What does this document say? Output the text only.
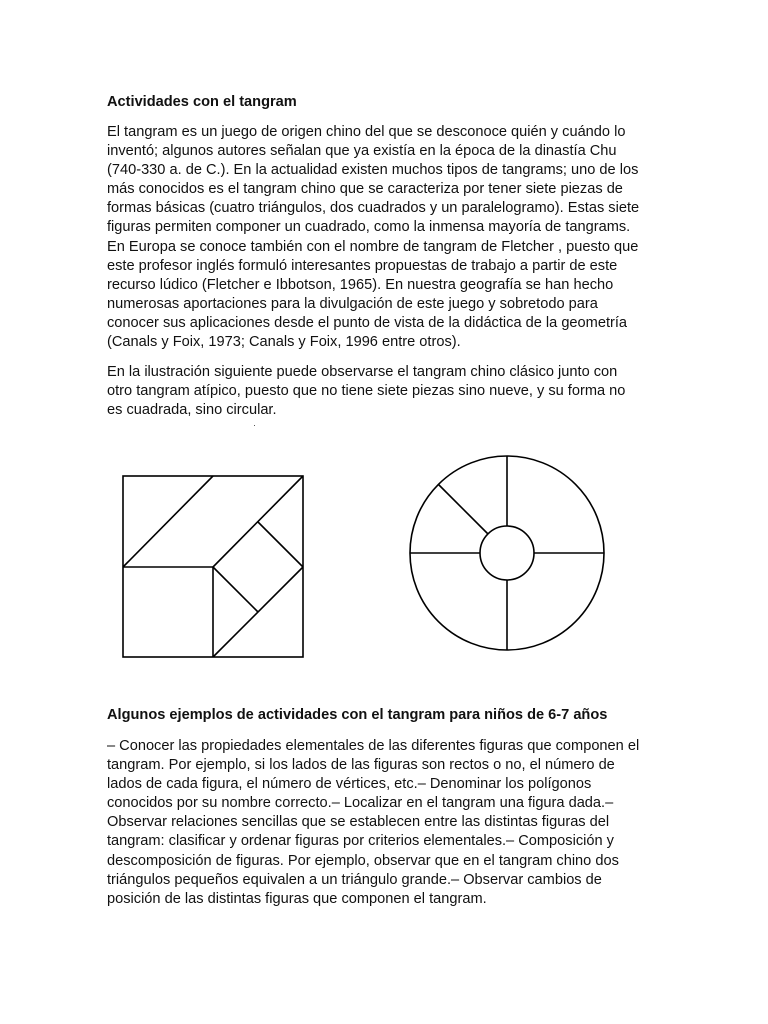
Actividades con el tangram

El tangram es un juego de origen chino del que se desconoce quién y cuándo lo
inventó; algunos autores señalan que ya existía en la época de la dinastía Chu
(740-330 a. de C.). En la actualidad existen muchos tipos de tangrams; uno de los
más conocidos es el tangram chino que se caracteriza por tener siete piezas de
formas básicas (cuatro triángulos, dos cuadrados y un paralelogramo). Estas siete
figuras permiten componer un cuadrado, como la inmensa mayoría de tangrams.
En Europa se conoce también con el nombre de tangram de Fletcher , puesto que
este profesor inglés formuló interesantes propuestas de trabajo a partir de este
recurso lúdico (Fletcher e Ibbotson, 1965). En nuestra geografía se han hecho
numerosas aportaciones para la divulgación de este juego y sobretodo para
conocer sus aplicaciones desde el punto de vista de la didáctica de la geometría
(Canals y Foix, 1973; Canals y Foix, 1996 entre otros).
En la ilustración siguiente puede observarse el tangram chino clásico junto con
otro tangram atípico, puesto que no tiene siete piezas sino nueve, y su forma no
es cuadrada, sino circular.

Algunos ejemplos de actividades con el tangram para niños de 6-7 años

– Conocer las propiedades elementales de las diferentes figuras que componen el
tangram. Por ejemplo, si los lados de las figuras son rectos o no, el número de
lados de cada figura, el número de vértices, etc.– Denominar los polígonos
conocidos por su nombre correcto.– Localizar en el tangram una figura dada.–
Observar relaciones sencillas que se establecen entre las distintas figuras del
tangram: clasificar y ordenar figuras por criterios elementales.– Composición y
descomposición de figuras. Por ejemplo, observar que en el tangram chino dos
triángulos pequeños equivalen a un triángulo grande.– Observar cambios de
posición de las distintas figuras que componen el tangram.
